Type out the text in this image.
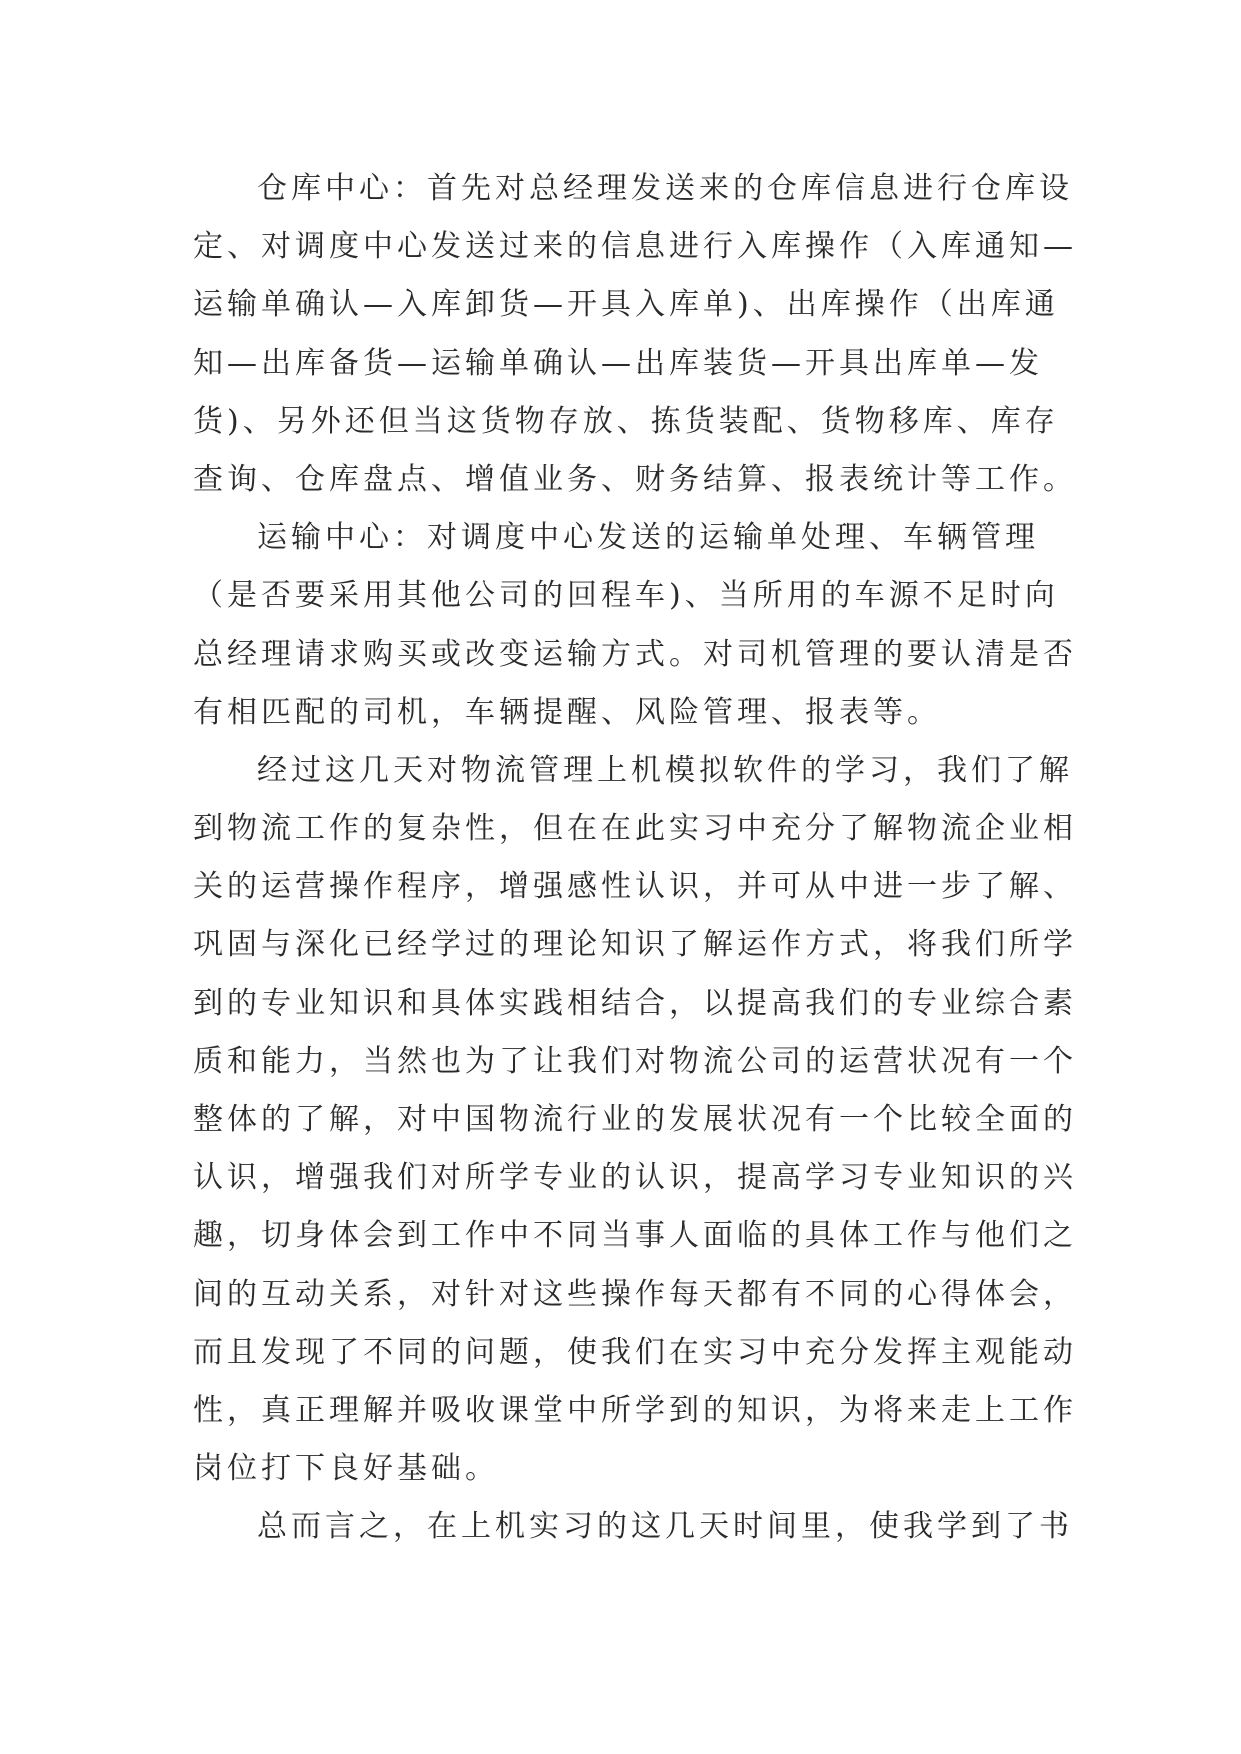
仓库中心：首先对总经理发送来的仓库信息进行仓库设
定、对调度中心发送过来的信息进行入库操作（入库通知—
运输单确认—入库卸货—开具入库单)、出库操作（出库通
知—出库备货—运输单确认—出库装货—开具出库单—发
货)、另外还但当这货物存放、拣货装配、货物移库、库存
查询、仓库盘点、增值业务、财务结算、报表统计等工作。
运输中心：对调度中心发送的运输单处理、车辆管理
（是否要采用其他公司的回程车)、当所用的车源不足时向
总经理请求购买或改变运输方式。对司机管理的要认清是否
有相匹配的司机，车辆提醒、风险管理、报表等。
经过这几天对物流管理上机模拟软件的学习，我们了解
到物流工作的复杂性，但在在此实习中充分了解物流企业相
关的运营操作程序，增强感性认识，并可从中进一步了解、
巩固与深化已经学过的理论知识了解运作方式，将我们所学
到的专业知识和具体实践相结合，以提高我们的专业综合素
质和能力，当然也为了让我们对物流公司的运营状况有一个
整体的了解，对中国物流行业的发展状况有一个比较全面的
认识，增强我们对所学专业的认识，提高学习专业知识的兴
趣，切身体会到工作中不同当事人面临的具体工作与他们之
间的互动关系，对针对这些操作每天都有不同的心得体会，
而且发现了不同的问题，使我们在实习中充分发挥主观能动
性，真正理解并吸收课堂中所学到的知识，为将来走上工作
岗位打下良好基础。
总而言之，在上机实习的这几天时间里，使我学到了书
